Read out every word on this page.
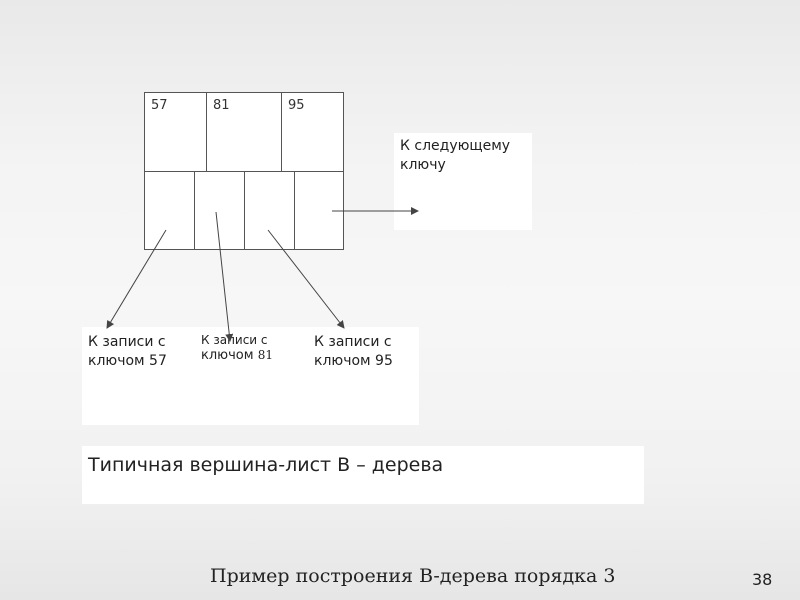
57	81	95
К следующему
ключу
К записи с
ключом 57
К записи с
ключом 81
К записи с
ключом 95
Типичная вершина-лист B – дерева
Пример построения B-дерева порядка 3	38
